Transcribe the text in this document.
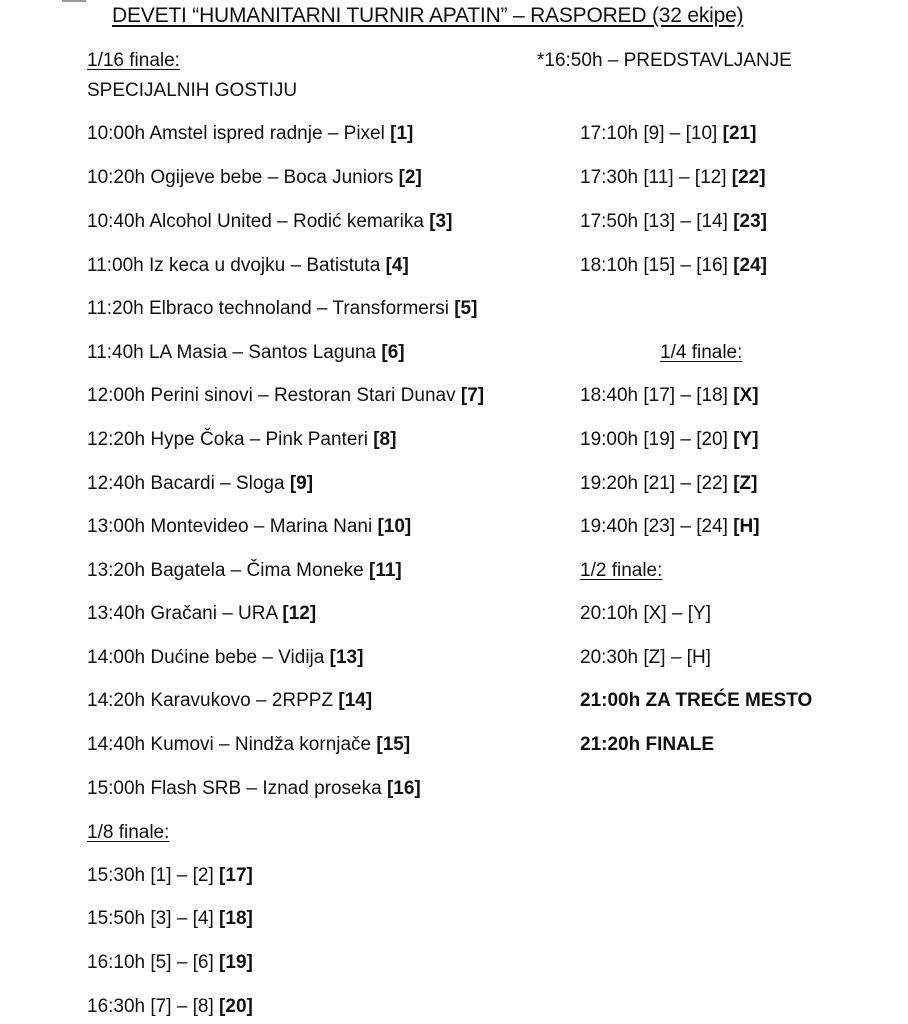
DEVETI “HUMANITARNI TURNIR APATIN” – RASPORED (32 ekipe)
1/16 finale:
SPECIJALNIH GOSTIJU
10:00h Amstel ispred radnje – Pixel [1]
10:20h Ogijeve bebe – Boca Juniors [2]
10:40h Alcohol United – Rodić kemarika [3]
11:00h Iz keca u dvojku – Batistuta [4]
11:20h Elbraco technoland – Transformersi [5]
11:40h LA Masia – Santos Laguna [6]
12:00h Perini sinovi – Restoran Stari Dunav [7]
12:20h Hype Čoka – Pink Panteri [8]
12:40h Bacardi – Sloga [9]
13:00h Montevideo – Marina Nani [10]
13:20h Bagatela – Čima Moneke [11]
13:40h Gračani – URA [12]
14:00h Dućine bebe – Vidija [13]
14:20h Karavukovo – 2RPPZ [14]
14:40h Kumovi – Nindža kornjače [15]
15:00h Flash SRB – Iznad proseka [16]
1/8 finale:
15:30h [1] – [2] [17]
15:50h [3] – [4] [18]
16:10h [5] – [6] [19]
16:30h [7] – [8] [20]
*16:50h – PREDSTAVLJANJE
17:10h [9] – [10] [21]
17:30h [11] – [12] [22]
17:50h [13] – [14] [23]
18:10h [15] – [16] [24]
1/4 finale:
18:40h [17] – [18] [X]
19:00h [19] – [20] [Y]
19:20h [21] – [22] [Z]
19:40h [23] – [24] [H]
1/2 finale:
20:10h [X] – [Y]
20:30h [Z] – [H]
21:00h ZA TREĆE MESTO
21:20h FINALE
